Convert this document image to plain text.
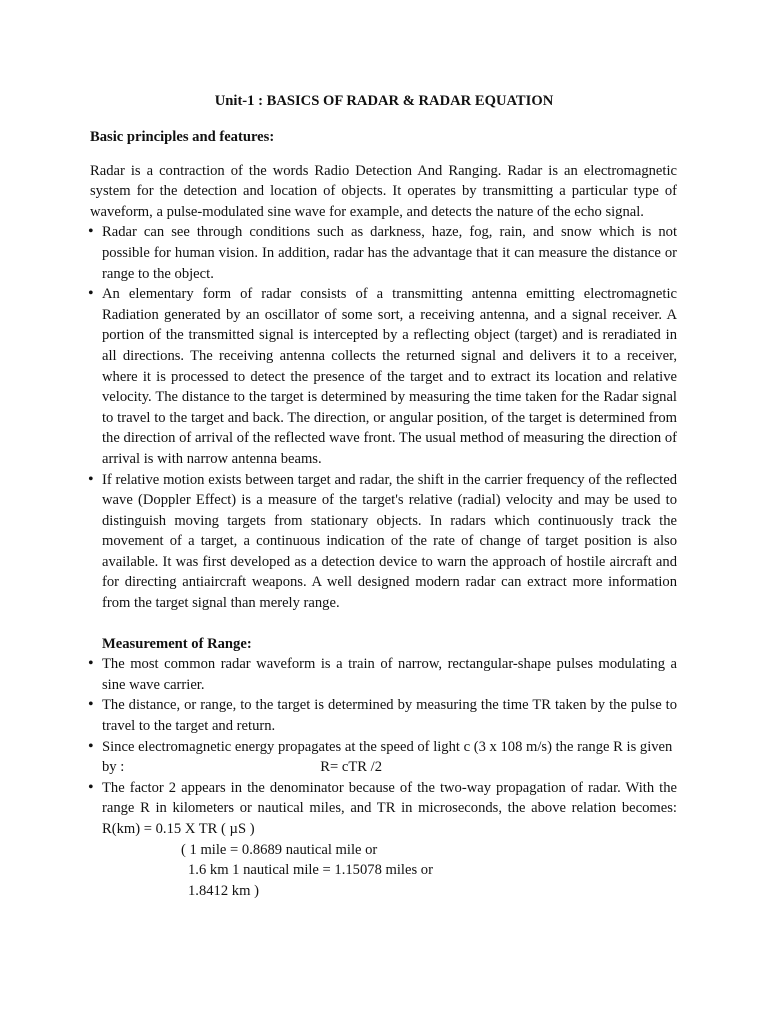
Unit-1 : BASICS OF RADAR & RADAR EQUATION

Basic principles and features:

Radar is a contraction of the words Radio Detection And Ranging. Radar is an electromagnetic system for the detection and location of objects. It operates by transmitting a particular type of waveform, a pulse-modulated sine wave for example, and detects the nature of the echo signal.

• Radar can see through conditions such as darkness, haze, fog, rain, and snow which is not possible for human vision. In addition, radar has the advantage that it can measure the distance or range to the object.
• An elementary form of radar consists of a transmitting antenna emitting electromagnetic Radiation generated by an oscillator of some sort, a receiving antenna, and a signal receiver. A portion of the transmitted signal is intercepted by a reflecting object (target) and is reradiated in all directions. The receiving antenna collects the returned signal and delivers it to a receiver, where it is processed to detect the presence of the target and to extract its location and relative velocity. The distance to the target is determined by measuring the time taken for the Radar signal to travel to the target and back. The direction, or angular position, of the target is determined from the direction of arrival of the reflected wave front. The usual method of measuring the direction of arrival is with narrow antenna beams.
• If relative motion exists between target and radar, the shift in the carrier frequency of the reflected wave (Doppler Effect) is a measure of the target's relative (radial) velocity and may be used to distinguish moving targets from stationary objects. In radars which continuously track the movement of a target, a continuous indication of the rate of change of target position is also available. It was first developed as a detection device to warn the approach of hostile aircraft and for directing antiaircraft weapons. A well designed modern radar can extract more information from the target signal than merely range.

Measurement of Range:

• The most common radar waveform is a train of narrow, rectangular-shape pulses modulating a sine wave carrier.
• The distance, or range, to the target is determined by measuring the time TR taken by the pulse to travel to the target and return.
• Since electromagnetic energy propagates at the speed of light c (3 x 108 m/s) the range R is given by :	R= cTR /2
• The factor 2 appears in the denominator because of the two-way propagation of radar. With the range R in kilometers or nautical miles, and TR in microseconds, the above relation becomes: R(km) = 0.15 X TR ( µS )

( 1 mile = 0.8689 nautical mile or

1.6 km 1 nautical mile = 1.15078 miles or

1.8412 km )
